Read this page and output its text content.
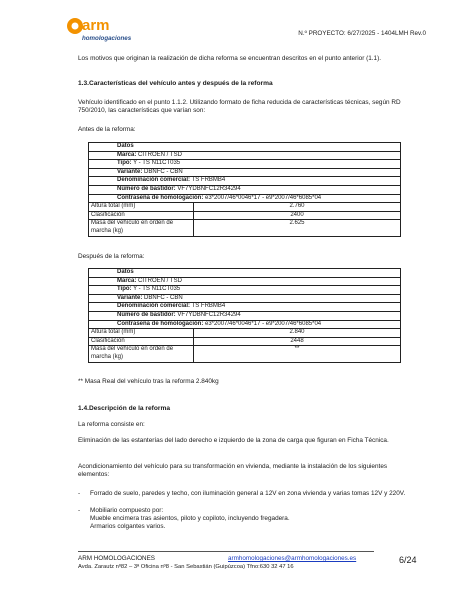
arm
homologaciones
N.º PROYECTO: 6/27/2025 - 1404LMH Rev.0
Los motivos que originan la realización de dicha reforma se encuentran descritos en el punto anterior (1.1).
1.3.Características del vehículo antes y después de la reforma
Vehículo identificado en el punto 1.1.2. Utilizando formato de ficha reducida de características técnicas, según RD 750/2010, las características que varían son:
Antes de la reforma:
Datos	
Marca: CITROEN / TSD	
Tipo: Y - TS N11CT035	
Variante: DBNFC - CBN	
Denominación comercial: TS FRBMB4	
Número de bastidor: VF7YDBNFC12R34294	
Contraseña de homologación: e3*2007/46*0046*17 - e9*2007/46*6085*04	
Altura total (mm)	2.760
Clasificación	2400
Masa del vehículo en orden de marcha (kg)	2.625
Después de la reforma:
Datos	
Marca: CITROEN / TSD	
Tipo: Y - TS N11CT035	
Variante: DBNFC - CBN	
Denominación comercial: TS FRBMB4	
Número de bastidor: VF7YDBNFC12R34294	
Contraseña de homologación: e3*2007/46*0046*17 - e9*2007/46*6085*04	
Altura total (mm)	2.840
Clasificación	2448
Masa del vehículo en orden de marcha (kg)	**
** Masa Real del vehículo tras la reforma 2.840kg
1.4.Descripción de la reforma
La reforma consiste en:
Eliminación de las estanterías del lado derecho e izquierdo de la zona de carga que figuran en Ficha Técnica.
Acondicionamiento del vehículo para su transformación en vivienda, mediante la instalación de los siguientes elementos:
- Forrado de suelo, paredes y techo, con iluminación general a 12V en zona vivienda y varias tomas 12V y 220V.
- Mobiliario compuesto por:
Mueble encimera tras asientos, piloto y copiloto, incluyendo fregadera.
Armarios colgantes varios.
ARM HOMOLOGACIONES	armhomologaciones@armhomologaciones.es
Avda. Zarautz nº82 – 3ª Oficina nº8 - San Sebastián (Guipúzcoa) Tfno:630 32 47 16
6/24
